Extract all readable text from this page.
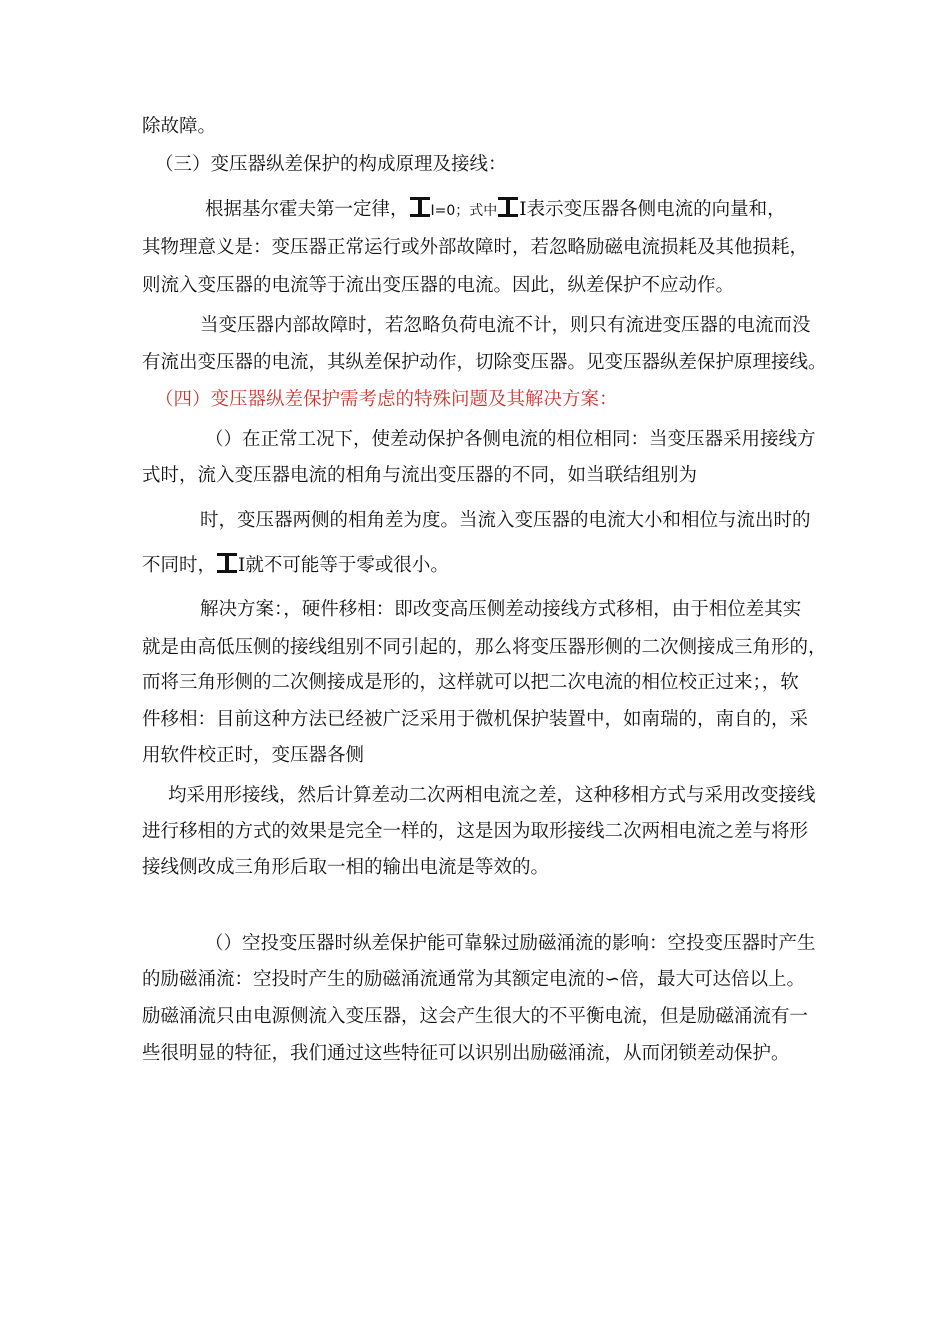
除故障。
（三）变压器纵差保护的构成原理及接线：
根据基尔霍夫第一定律， I=0；式中 I表示变压器各侧电流的向量和，
其物理意义是：变压器正常运行或外部故障时，若忽略励磁电流损耗及其他损耗，
则流入变压器的电流等于流出变压器的电流。因此，纵差保护不应动作。
当变压器内部故障时，若忽略负荷电流不计，则只有流进变压器的电流而没
有流出变压器的电流，其纵差保护动作，切除变压器。见变压器纵差保护原理接线。
（四）变压器纵差保护需考虑的特殊问题及其解决方案：
（）在正常工况下，使差动保护各侧电流的相位相同：当变压器采用接线方
式时，流入变压器电流的相角与流出变压器的不同，如当联结组别为
时，变压器两侧的相角差为度。当流入变压器的电流大小和相位与流出时的
不同时， I就不可能等于零或很小。
解决方案：，硬件移相：即改变高压侧差动接线方式移相，由于相位差其实
就是由高低压侧的接线组别不同引起的，那么将变压器形侧的二次侧接成三角形的，
而将三角形侧的二次侧接成是形的，这样就可以把二次电流的相位校正过来；，软
件移相：目前这种方法已经被广泛采用于微机保护装置中，如南瑞的，南自的，采
用软件校正时，变压器各侧
均采用形接线，然后计算差动二次两相电流之差，这种移相方式与采用改变接线
进行移相的方式的效果是完全一样的，这是因为取形接线二次两相电流之差与将形
接线侧改成三角形后取一相的输出电流是等效的。
（）空投变压器时纵差保护能可靠躲过励磁涌流的影响：空投变压器时产生
的励磁涌流：空投时产生的励磁涌流通常为其额定电流的∽倍，最大可达倍以上。
励磁涌流只由电源侧流入变压器，这会产生很大的不平衡电流，但是励磁涌流有一
些很明显的特征，我们通过这些特征可以识别出励磁涌流，从而闭锁差动保护。
